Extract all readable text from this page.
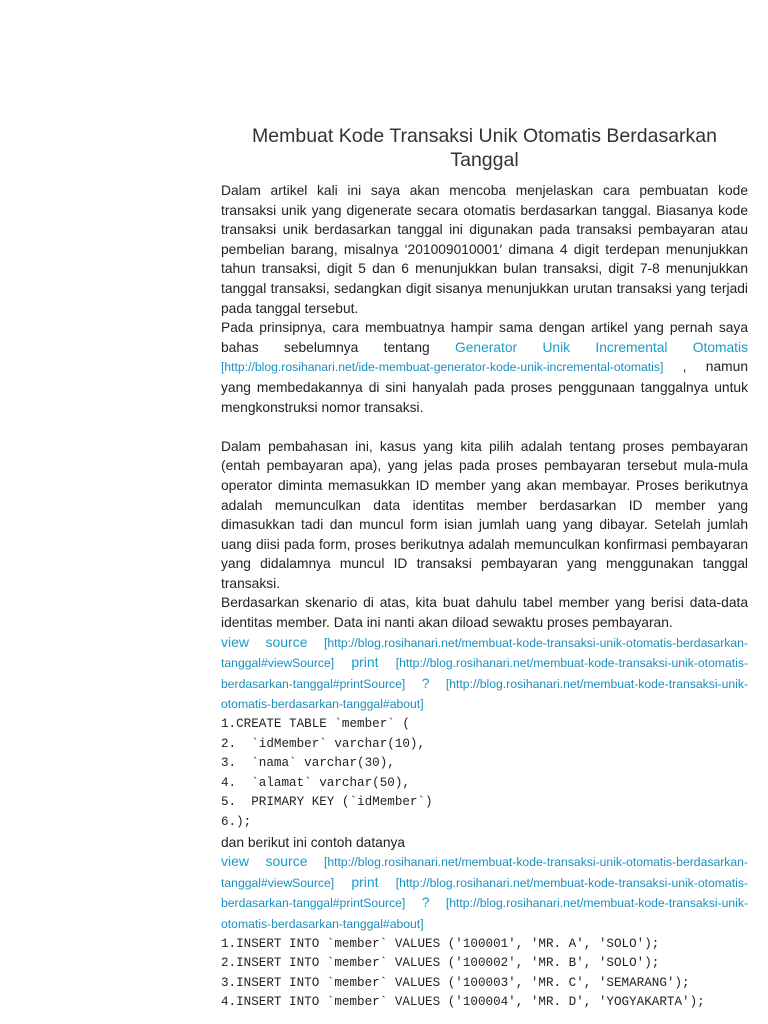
Membuat Kode Transaksi Unik Otomatis Berdasarkan Tanggal

Dalam artikel kali ini saya akan mencoba menjelaskan cara pembuatan kode transaksi unik yang digenerate secara otomatis berdasarkan tanggal. Biasanya kode transaksi unik berdasarkan tanggal ini digunakan pada transaksi pembayaran atau pembelian barang, misalnya ‘201009010001′ dimana 4 digit terdepan menunjukkan tahun transaksi, digit 5 dan 6 menunjukkan bulan transaksi, digit 7-8 menunjukkan tanggal transaksi, sedangkan digit sisanya menunjukkan urutan transaksi yang terjadi pada tanggal tersebut.

Pada prinsipnya, cara membuatnya hampir sama dengan artikel yang pernah saya bahas sebelumnya tentang Generator Unik Incremental Otomatis [http://blog.rosihanari.net/ide-membuat-generator-kode-unik-incremental-otomatis] , namun yang membedakannya di sini hanyalah pada proses penggunaan tanggalnya untuk mengkonstruksi nomor transaksi.

Dalam pembahasan ini, kasus yang kita pilih adalah tentang proses pembayaran (entah pembayaran apa), yang jelas pada proses pembayaran tersebut mula-mula operator diminta memasukkan ID member yang akan membayar. Proses berikutnya adalah memunculkan data identitas member berdasarkan ID member yang dimasukkan tadi dan muncul form isian jumlah uang yang dibayar. Setelah jumlah uang diisi pada form, proses berikutnya adalah memunculkan konfirmasi pembayaran yang didalamnya muncul ID transaksi pembayaran yang menggunakan tanggal transaksi.

Berdasarkan skenario di atas, kita buat dahulu tabel member yang berisi data-data identitas member. Data ini nanti akan diload sewaktu proses pembayaran.

view source [http://blog.rosihanari.net/membuat-kode-transaksi-unik-otomatis-berdasarkan-tanggal#viewSource] print [http://blog.rosihanari.net/membuat-kode-transaksi-unik-otomatis-berdasarkan-tanggal#printSource] ? [http://blog.rosihanari.net/membuat-kode-transaksi-unik-otomatis-berdasarkan-tanggal#about]

1.CREATE TABLE `member` (
2.  `idMember` varchar(10),
3.  `nama` varchar(30),
4.  `alamat` varchar(50),
5.  PRIMARY KEY (`idMember`)
6.);

dan berikut ini contoh datanya

view source [http://blog.rosihanari.net/membuat-kode-transaksi-unik-otomatis-berdasarkan-tanggal#viewSource] print [http://blog.rosihanari.net/membuat-kode-transaksi-unik-otomatis-berdasarkan-tanggal#printSource] ? [http://blog.rosihanari.net/membuat-kode-transaksi-unik-otomatis-berdasarkan-tanggal#about]

1.INSERT INTO `member` VALUES ('100001', 'MR. A', 'SOLO');
2.INSERT INTO `member` VALUES ('100002', 'MR. B', 'SOLO');
3.INSERT INTO `member` VALUES ('100003', 'MR. C', 'SEMARANG');
4.INSERT INTO `member` VALUES ('100004', 'MR. D', 'YOGYAKARTA');
